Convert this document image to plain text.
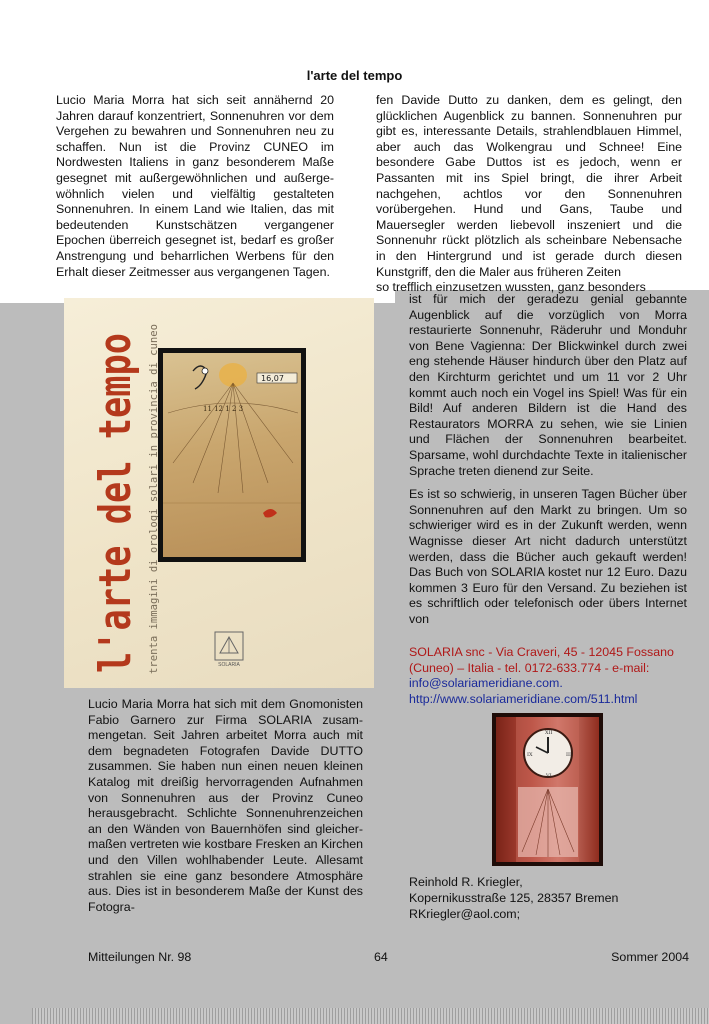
l'arte del tempo

Lucio Maria Morra hat sich seit annähernd 20 Jahren darauf konzentriert, Sonnenuhren vor dem Vergehen zu bewahren und Sonnenuhren neu zu schaffen. Nun ist die Provinz CUNEO im Nordwesten Italiens in ganz besonderem Maße gesegnet mit außergewöhnlichen und außerge-wöhnlich vielen und vielfältig gestalteten Sonnenuhren. In einem Land wie Italien, das mit bedeutenden Kunstschätzen vergangener Epochen überreich gesegnet ist, bedarf es großer Anstrengung und beharrlichen Werbens für den Erhalt dieser Zeitmesser aus vergangenen Tagen.

fen Davide Dutto zu danken, dem es gelingt, den glücklichen Augenblick zu bannen. Sonnenuhren pur gibt es, interessante Details, strahlendblauen Himmel, aber auch das Wolkengrau und Schnee! Eine besondere Gabe Duttos ist es jedoch, wenn er Passanten mit ins Spiel bringt, die ihrer Arbeit nachgehen, achtlos vor den Sonnenuhren vorübergehen. Hund und Gans, Taube und Mauersegler werden liebevoll inszeniert und die Sonnenuhr rückt plötzlich als scheinbare Nebensache in den Hintergrund und ist gerade durch diesen Kunstgriff, den die Maler aus früheren Zeiten
so trefflich einzusetzen wussten, ganz besonders

ist für mich der geradezu genial gebannte Augenblick auf die vorzüglich von Morra restaurierte Sonnenuhr, Räderuhr und Monduhr von Bene Vagienna: Der Blickwinkel durch zwei eng stehende Häuser hindurch über den Platz auf den Kirchturm gerichtet und um 11 vor 2 Uhr kommt auch noch ein Vogel ins Spiel! Was für ein Bild! Auf anderen Bildern ist die Hand des Restaurators MORRA zu sehen, wie sie Linien und Flächen der Sonnenuhren bearbeitet. Sparsame, wohl durchdachte Texte in italienischer Sprache treten dienend zur Seite.

Es ist so schwierig, in unseren Tagen Bücher über Sonnenuhren auf den Markt zu bringen. Um so schwieriger wird es in der Zukunft werden, wenn Wagnisse dieser Art nicht dadurch unterstützt werden, dass die Bücher auch gekauft werden! Das Buch von SOLARIA kostet nur 12 Euro. Dazu kommen 3 Euro für den Versand. Zu beziehen ist es schriftlich oder telefonisch oder übers Internet von

l'arte del tempo trenta immagini di orologi solari in provincia di cuneo	16,07
11 12 1 2 3
SOLARIA

Lucio Maria Morra hat sich mit dem Gnomonisten Fabio Garnero zur Firma SOLARIA zusam-mengetan. Seit Jahren arbeitet Morra auch mit dem begnadeten Fotografen Davide DUTTO zusammen. Sie haben nun einen neuen kleinen Katalog mit dreißig hervorragenden Aufnahmen von Sonnenuhren aus der Provinz Cuneo herausgebracht. Schlichte Sonnenuhrenzeichen an den Wänden von Bauernhöfen sind gleicher-maßen vertreten wie kostbare Fresken an Kirchen und den Villen wohlhabender Leute. Allesamt strahlen sie eine ganz besondere Atmosphäre aus. Dies ist in besonderem Maße der Kunst des Fotogra-

SOLARIA snc - Via Craveri, 45 - 12045 Fossano (Cuneo) – Italia - tel. 0172-633.774 - e-mail: info@solariameridiane.com.
http://www.solariameridiane.com/511.html
XII
III
VI
IX
Reinhold R. Kriegler,
Kopernikusstraße 125, 28357 Bremen
RKriegler@aol.com;
Mitteilungen Nr. 98	64	Sommer 2004
